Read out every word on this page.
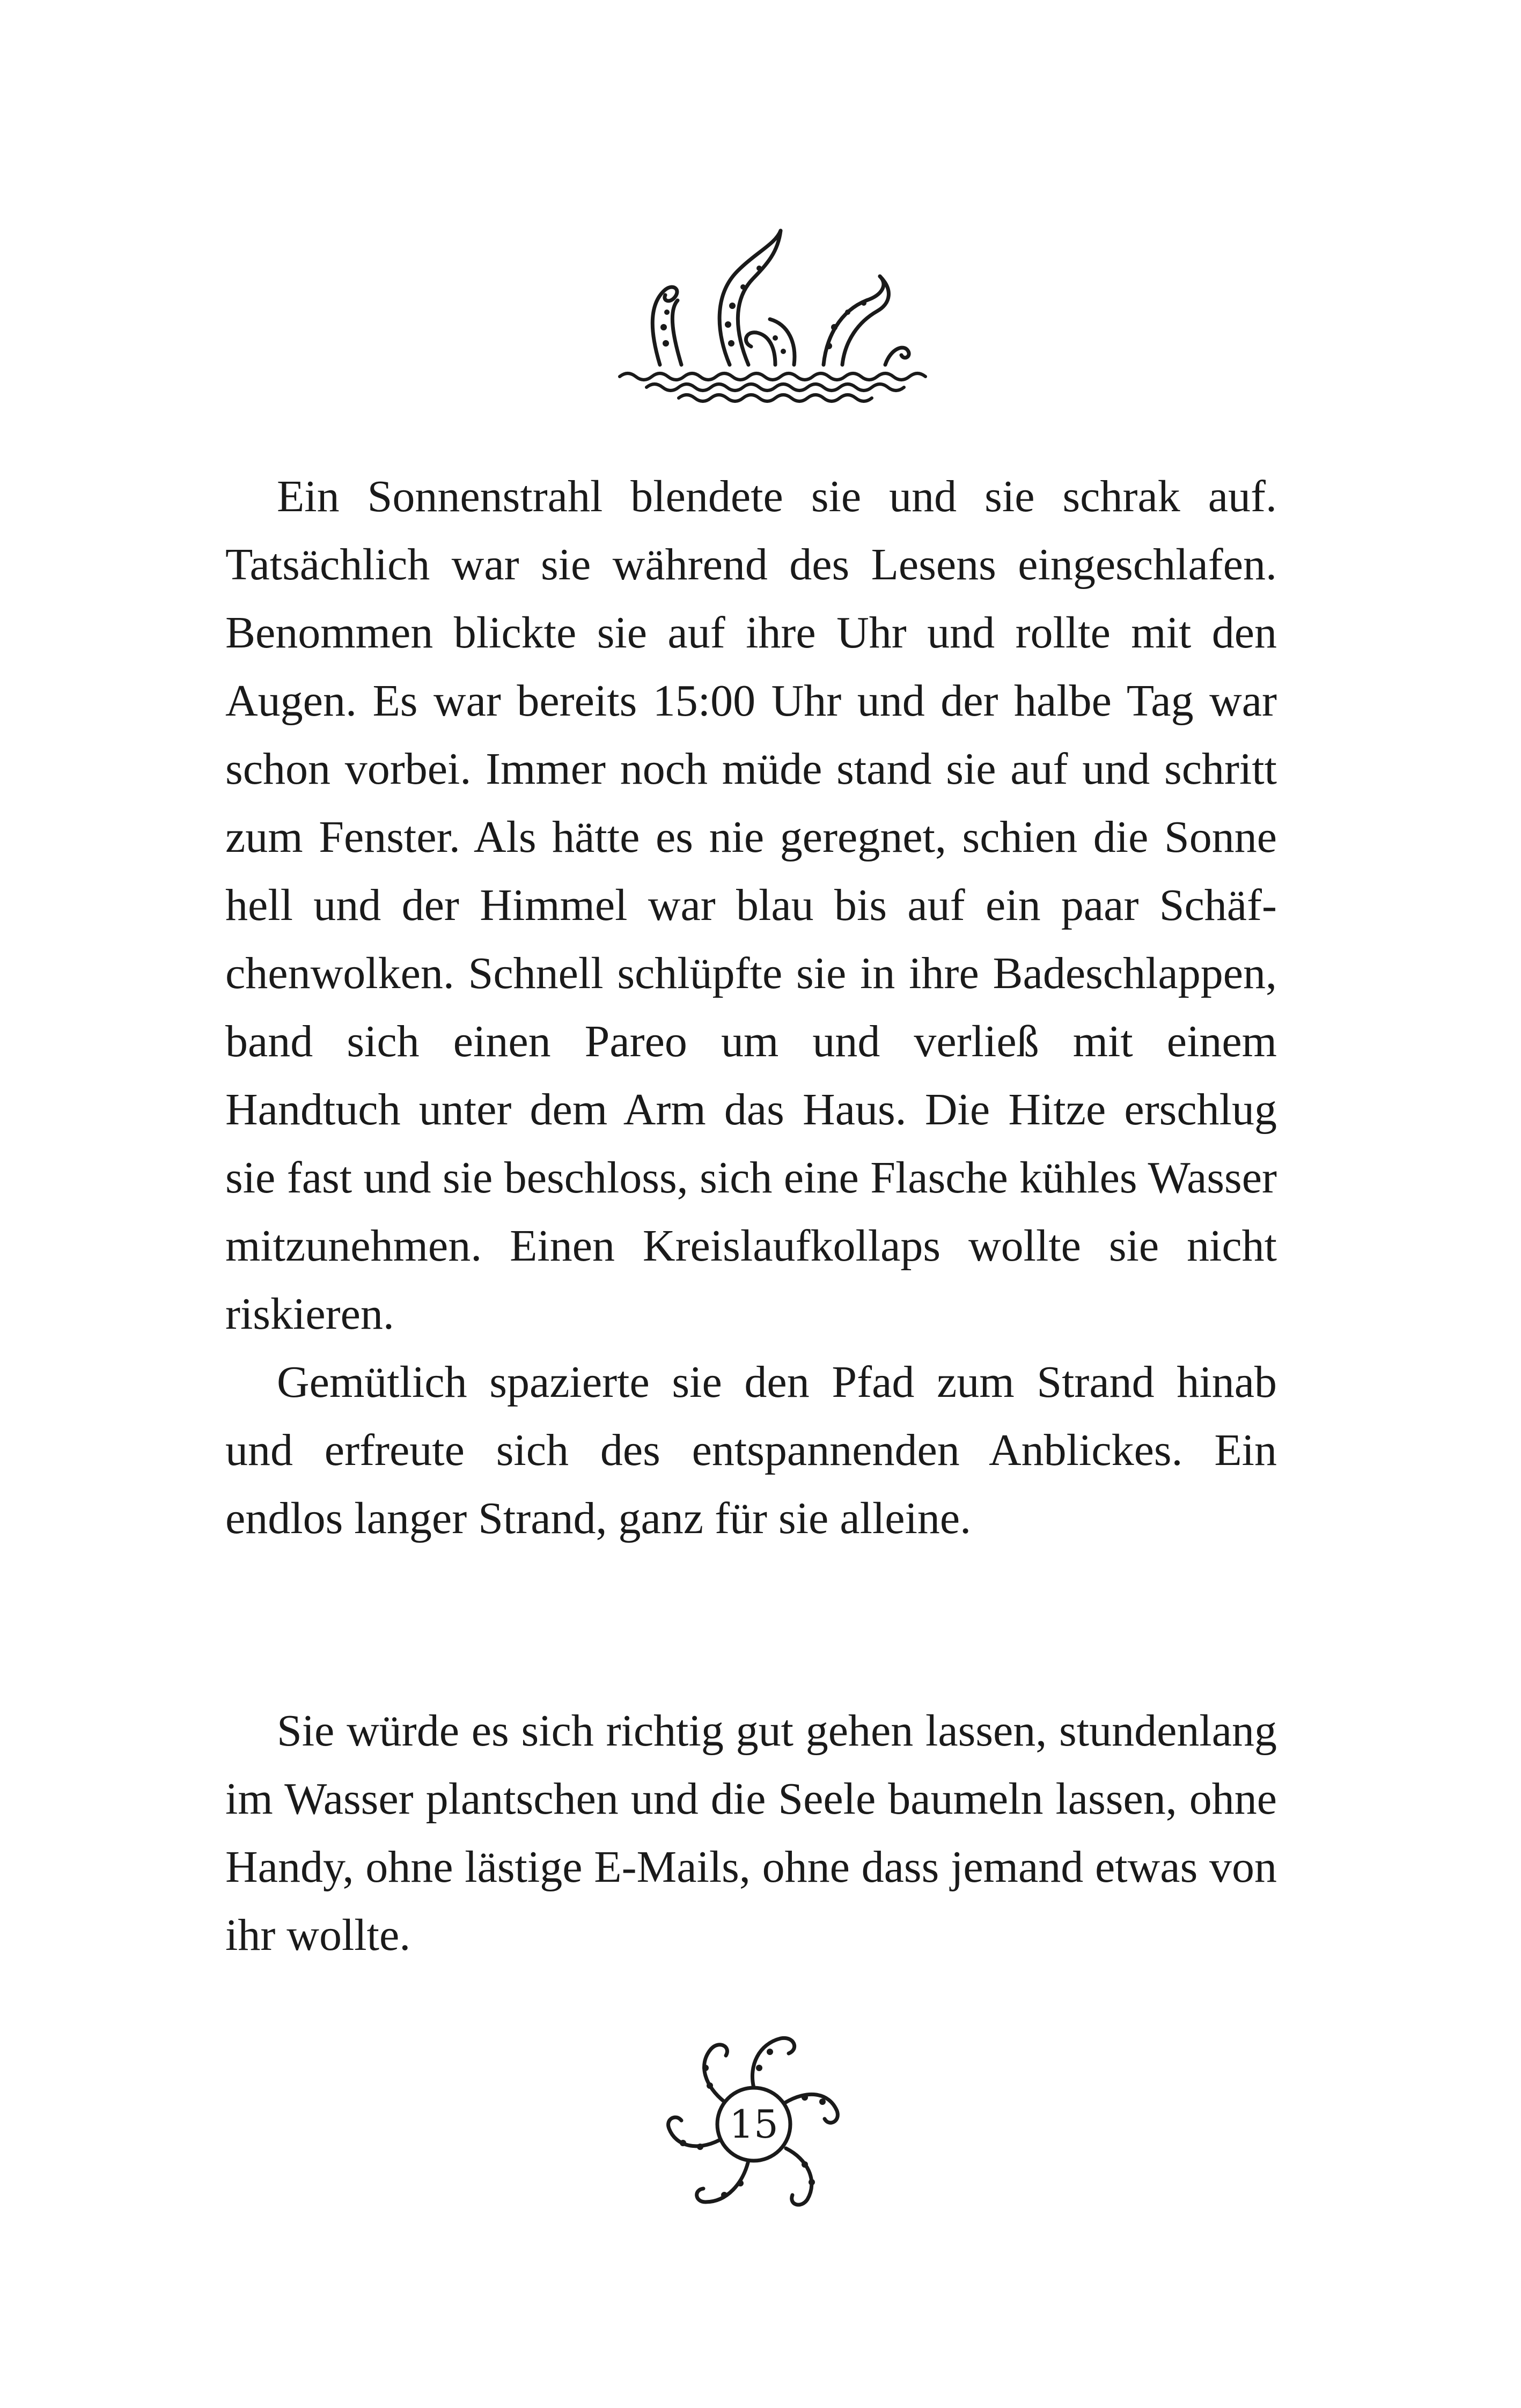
Ein Sonnenstrahl blendete sie und sie schrak auf. Tatsächlich war sie während des Lesens eingeschlafen. Benommen blickte sie auf ihre Uhr und rollte mit den Augen. Es war bereits 15:00 Uhr und der halbe Tag war schon vorbei. Immer noch müde stand sie auf und schritt zum Fenster. Als hätte es nie geregnet, schien die Sonne hell und der Himmel war blau bis auf ein paar Schäfchenwolken. Schnell schlüpfte sie in ihre Badeschlappen, band sich einen Pareo um und verließ mit einem Handtuch unter dem Arm das Haus. Die Hitze erschlug sie fast und sie beschloss, sich eine Flasche kühles Wasser mitzunehmen. Einen Kreislaufkollaps wollte sie nicht riskieren.

Gemütlich spazierte sie den Pfad zum Strand hinab und erfreute sich des entspannenden Anblickes. Ein endlos langer Strand, ganz für sie alleine.

Sie würde es sich richtig gut gehen lassen, stundenlang im Wasser plantschen und die Seele baumeln lassen, ohne Handy, ohne lästige E-Mails, ohne dass jemand etwas von ihr wollte.

15
